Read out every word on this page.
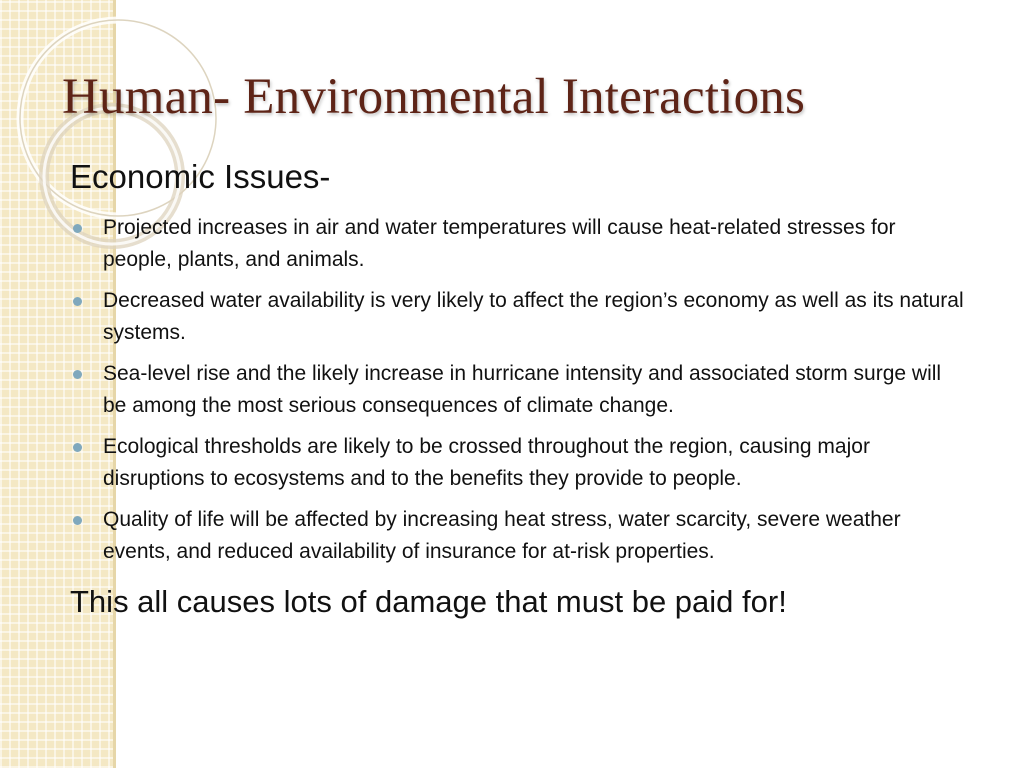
Human- Environmental Interactions
Economic Issues-
Projected increases in air and water temperatures will cause heat-related stresses for people, plants, and animals.
Decreased water availability is very likely to affect the region’s economy as well as its natural systems.
Sea-level rise and the likely increase in hurricane intensity and associated storm surge will be among the most serious consequences of climate change.
Ecological thresholds are likely to be crossed throughout the region, causing major disruptions to ecosystems and to the benefits they provide to people.
Quality of life will be affected by increasing heat stress, water scarcity, severe weather events, and reduced availability of insurance for at-risk properties.
This all causes lots of damage that must be paid for!
